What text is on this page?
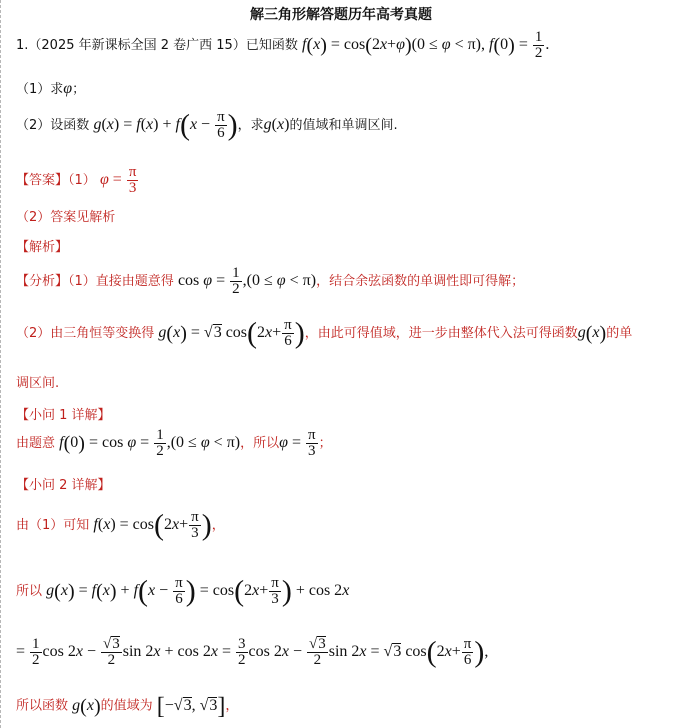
解三角形解答题历年高考真题
1.（2025 年新课标全国 2 卷广西 15）已知函数 f(x) = cos(2x+φ)(0 ≤ φ < π), $f(0) = \frac{1}{2}$ .
（1）求φ；
（2）设函数 $g(x) = f(x) + f(x - \frac{\pi}{6}$ )，求g(x)的值域和单调区间.
【答案】（1） $\varphi = \frac{\pi}{3}$
（2）答案见解析
【解析】
【分析】（1）直接由题意得 $\cos \varphi = \frac{1}{2} ,(0 \le \varphi < \pi)$，结合余弦函数的单调性即可得解；
（2）由三角恒等变换得 g(x) = √3 $\cos(2x+ \frac{\pi}{6}$ )，由此可得值域，进一步由整体代入法可得函数g(x)的单
调区间.
【小问 1 详解】
由题意 $f(0) = \cos \varphi = \frac{1}{2} ,(0 \le \varphi < \pi)$，所以$\varphi = \frac{\pi}{3}$ ；
【小问 2 详解】
由（1）可知 $f(x) = \cos(2x+ \frac{\pi}{3}$ )，
所以 $g(x) = f(x) + f(x - \frac{\pi}{6}$ ) = $\cos(2x+ \frac{\pi}{3}$ ) + cos 2x
= $\frac{1}{2}$ $\cos 2x - \frac{√3}{2}$ $\sin 2x + \cos 2x = \frac{3}{2}$ $\cos 2x - \frac{√3}{2}$ sin 2x = √3 $\cos(2x+ \frac{\pi}{6}$ ),
所以函数 g(x)的值域为 [−√3, √3]，
